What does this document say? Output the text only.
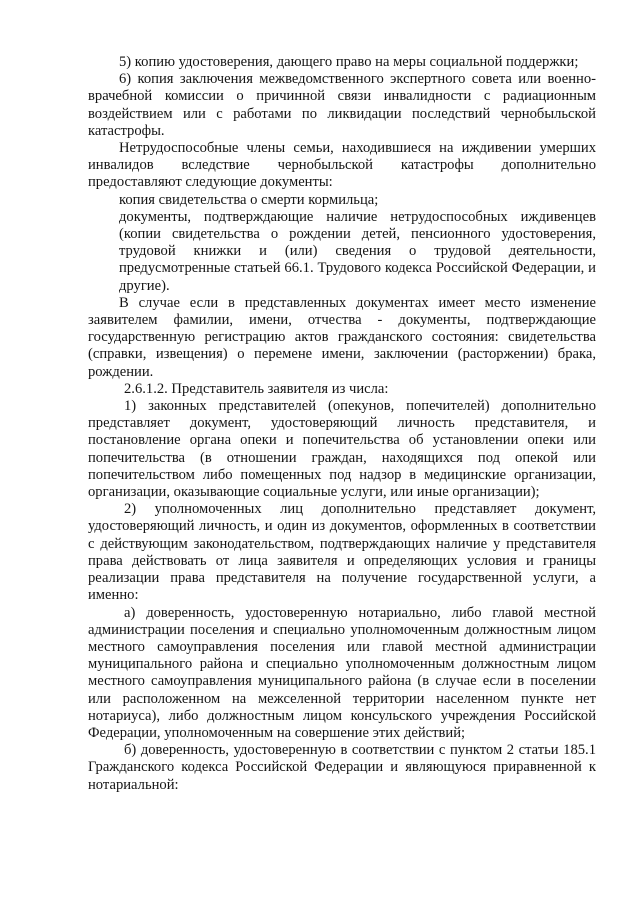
5) копию удостоверения, дающего право на меры социальной поддержки;

6) копия заключения межведомственного экспертного совета или военно-врачебной комиссии о причинной связи инвалидности с радиационным воздействием или с работами по ликвидации последствий чернобыльской катастрофы.

Нетрудоспособные члены семьи, находившиеся на иждивении умерших инвалидов вследствие чернобыльской катастрофы дополнительно предоставляют следующие документы:

копия свидетельства о смерти кормильца;

документы, подтверждающие наличие нетрудоспособных иждивенцев (копии свидетельства о рождении детей, пенсионного удостоверения, трудовой книжки и (или) сведения о трудовой деятельности, предусмотренные статьей 66.1. Трудового кодекса Российской Федерации, и другие).

В случае если в представленных документах имеет место изменение заявителем фамилии, имени, отчества - документы, подтверждающие государственную регистрацию актов гражданского состояния: свидетельства (справки, извещения) о перемене имени, заключении (расторжении) брака, рождении.

2.6.1.2. Представитель заявителя из числа:

1) законных представителей (опекунов, попечителей) дополнительно представляет документ, удостоверяющий личность представителя, и постановление органа опеки и попечительства об установлении опеки или попечительства (в отношении граждан, находящихся под опекой или попечительством либо помещенных под надзор в медицинские организации, организации, оказывающие социальные услуги, или иные организации);

2) уполномоченных лиц дополнительно представляет документ, удостоверяющий личность, и один из документов, оформленных в соответствии с действующим законодательством, подтверждающих наличие у представителя права действовать от лица заявителя и определяющих условия и границы реализации права представителя на получение государственной услуги, а именно:

а) доверенность, удостоверенную нотариально, либо главой местной администрации поселения и специально уполномоченным должностным лицом местного самоуправления поселения или главой местной администрации муниципального района и специально уполномоченным должностным лицом местного самоуправления муниципального района (в случае если в поселении или расположенном на межселенной территории населенном пункте нет нотариуса), либо должностным лицом консульского учреждения Российской Федерации, уполномоченным на совершение этих действий;

б) доверенность, удостоверенную в соответствии с пунктом 2 статьи 185.1 Гражданского кодекса Российской Федерации и являющуюся приравненной к нотариальной:
